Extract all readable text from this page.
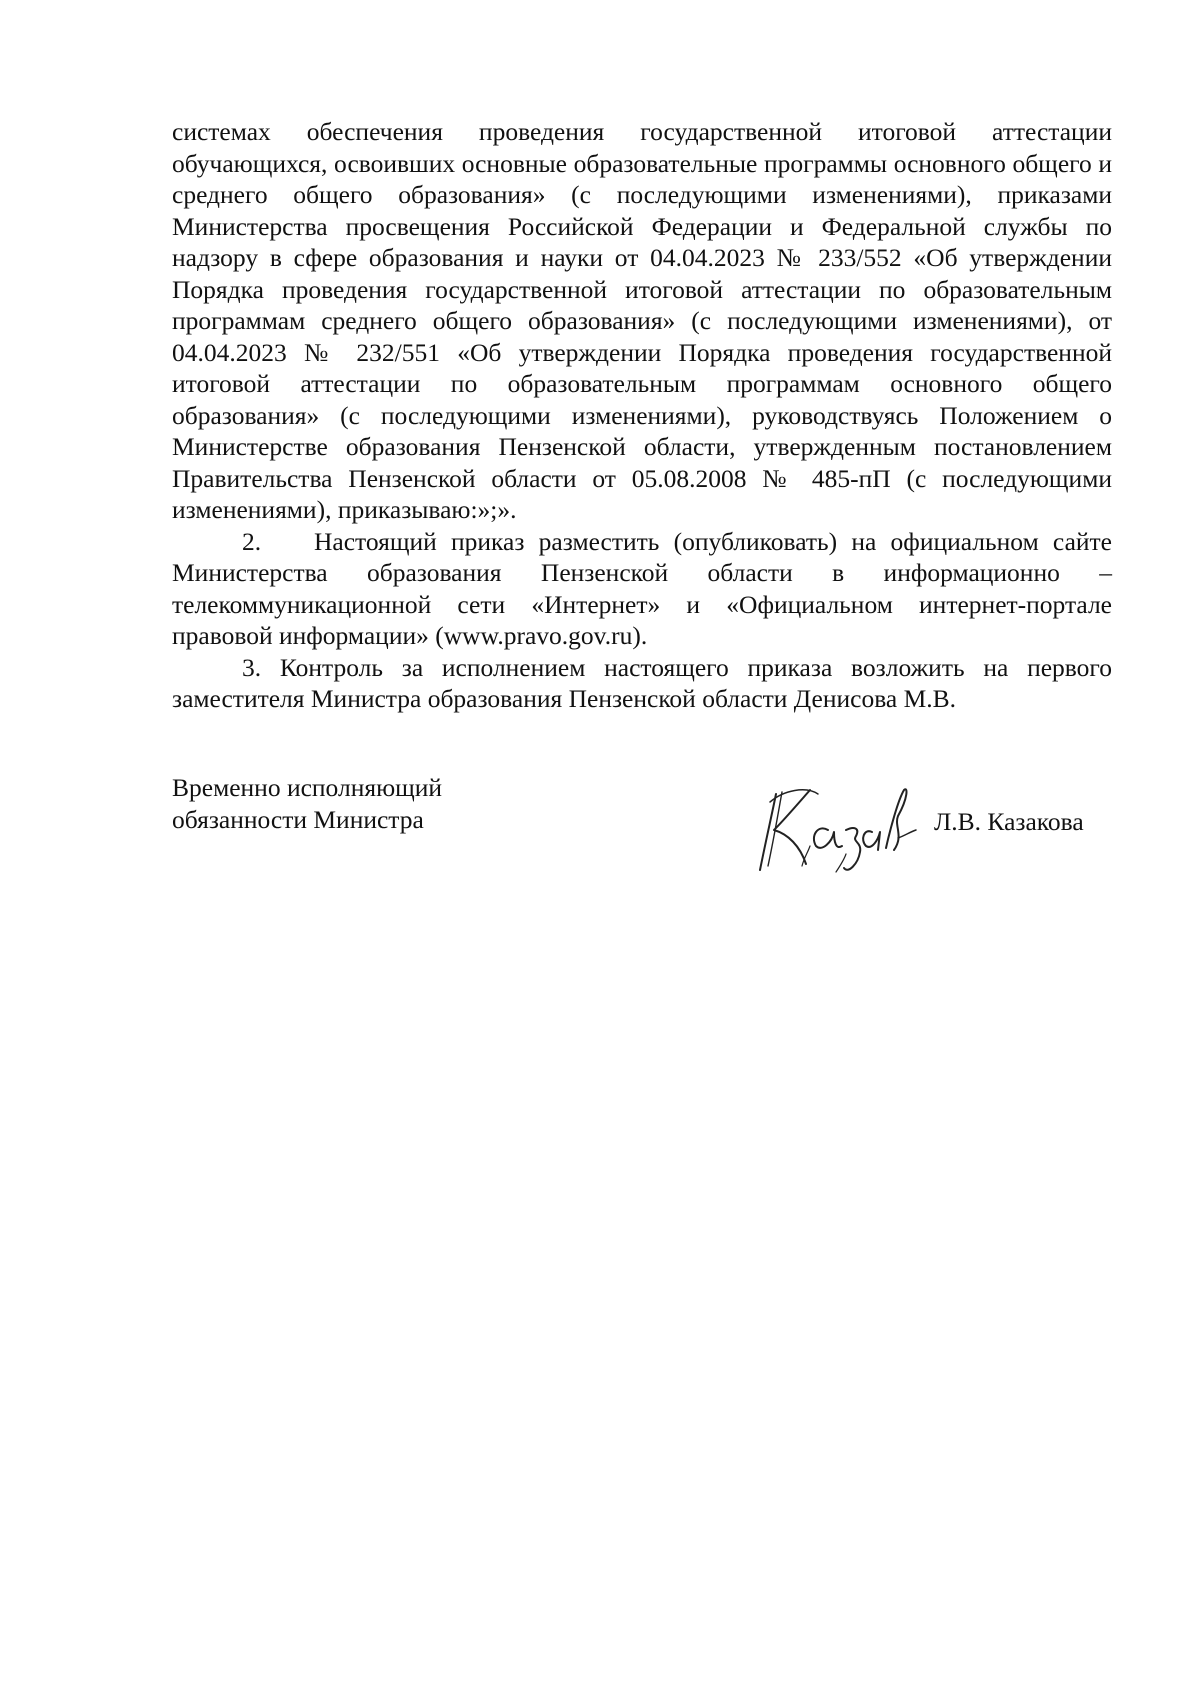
системах обеспечения проведения государственной итоговой аттестации обучающихся, освоивших основные образовательные программы основного общего и среднего общего образования» (с последующими изменениями), приказами Министерства просвещения Российской Федерации и Федеральной службы по надзору в сфере образования и науки от 04.04.2023 № 233/552 «Об утверждении Порядка проведения государственной итоговой аттестации по образовательным программам среднего общего образования» (с последующими изменениями), от 04.04.2023 № 232/551 «Об утверждении Порядка проведения государственной итоговой аттестации по образовательным программам основного общего образования» (с последующими изменениями), руководствуясь Положением о Министерстве образования Пензенской области, утвержденным постановлением Правительства Пензенской области от 05.08.2008 № 485-пП (с последующими изменениями), приказываю:»;».

2. Настоящий приказ разместить (опубликовать) на официальном сайте Министерства образования Пензенской области в информационно – телекоммуникационной сети «Интернет» и «Официальном интернет-портале правовой информации» (www.pravo.gov.ru).

3. Контроль за исполнением настоящего приказа возложить на первого заместителя Министра образования Пензенской области Денисова М.В.

Временно исполняющий
обязанности Министра	Л.В. Казакова
